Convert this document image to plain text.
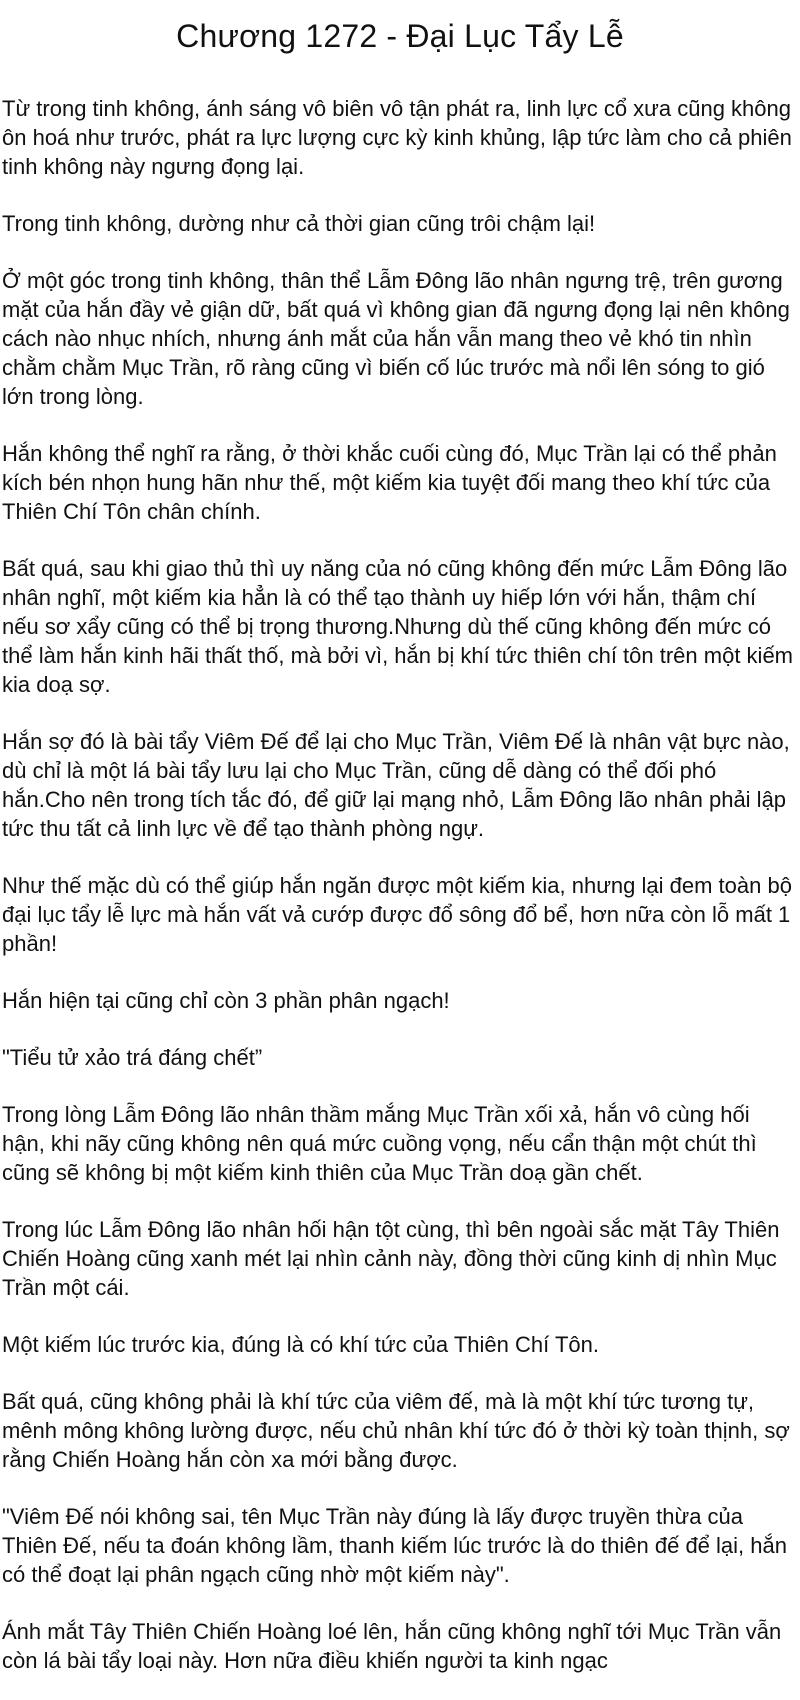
Chương 1272 - Đại Lục Tẩy Lễ

Từ trong tinh không, ánh sáng vô biên vô tận phát ra, linh lực cổ xưa cũng không ôn hoá như trước, phát ra lực lượng cực kỳ kinh khủng, lập tức làm cho cả phiên tinh không này ngưng đọng lại.

Trong tinh không, dường như cả thời gian cũng trôi chậm lại!

Ở một góc trong tinh không, thân thể Lẫm Đông lão nhân ngưng trệ, trên gương mặt của hắn đầy vẻ giận dữ, bất quá vì không gian đã ngưng đọng lại nên không cách nào nhục nhích, nhưng ánh mắt của hắn vẫn mang theo vẻ khó tin nhìn chằm chằm Mục Trần, rõ ràng cũng vì biến cố lúc trước mà nổi lên sóng to gió lớn trong lòng.

Hắn không thể nghĩ ra rằng, ở thời khắc cuối cùng đó, Mục Trần lại có thể phản kích bén nhọn hung hãn như thế, một kiếm kia tuyệt đối mang theo khí tức của Thiên Chí Tôn chân chính.

Bất quá, sau khi giao thủ thì uy năng của nó cũng không đến mức Lẫm Đông lão nhân nghĩ, một kiếm kia hẳn là có thể tạo thành uy hiếp lớn với hắn, thậm chí nếu sơ xẩy cũng có thể bị trọng thương.Nhưng dù thế cũng không đến mức có thể làm hắn kinh hãi thất thố, mà bởi vì, hắn bị khí tức thiên chí tôn trên một kiếm kia doạ sợ.

Hắn sợ đó là bài tẩy Viêm Đế để lại cho Mục Trần, Viêm Đế là nhân vật bực nào, dù chỉ là một lá bài tẩy lưu lại cho Mục Trần, cũng dễ dàng có thể đối phó hắn.Cho nên trong tích tắc đó, để giữ lại mạng nhỏ, Lẫm Đông lão nhân phải lập tức thu tất cả linh lực về để tạo thành phòng ngự.

Như thế mặc dù có thể giúp hắn ngăn được một kiếm kia, nhưng lại đem toàn bộ đại lục tẩy lễ lực mà hắn vất vả cướp được đổ sông đổ bể, hơn nữa còn lỗ mất 1 phần!

Hắn hiện tại cũng chỉ còn 3 phần phân ngạch!

"Tiểu tử xảo trá đáng chết”

Trong lòng Lẫm Đông lão nhân thầm mắng Mục Trần xối xả, hắn vô cùng hối hận, khi nãy cũng không nên quá mức cuồng vọng, nếu cẩn thận một chút thì cũng sẽ không bị một kiếm kinh thiên của Mục Trần doạ gần chết.

Trong lúc Lẫm Đông lão nhân hối hận tột cùng, thì bên ngoài sắc mặt Tây Thiên Chiến Hoàng cũng xanh mét lại nhìn cảnh này, đồng thời cũng kinh dị nhìn Mục Trần một cái.

Một kiếm lúc trước kia, đúng là có khí tức của Thiên Chí Tôn.

Bất quá, cũng không phải là khí tức của viêm đế, mà là một khí tức tương tự, mênh mông không lường được, nếu chủ nhân khí tức đó ở thời kỳ toàn thịnh, sợ rằng Chiến Hoàng hắn còn xa mới bằng được.

"Viêm Đế nói không sai, tên Mục Trần này đúng là lấy được truyền thừa của Thiên Đế, nếu ta đoán không lầm, thanh kiếm lúc trước là do thiên đế để lại, hắn có thể đoạt lại phân ngạch cũng nhờ một kiếm này".

Ánh mắt Tây Thiên Chiến Hoàng loé lên, hắn cũng không nghĩ tới Mục Trần vẫn còn lá bài tẩy loại này. Hơn nữa điều khiến người ta kinh ngạc
